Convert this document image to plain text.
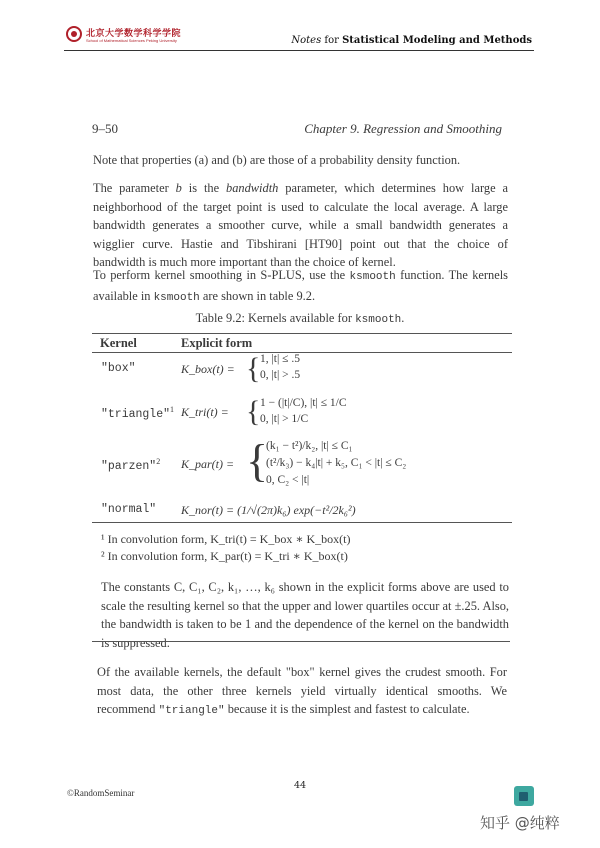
北京大学数学科学学院
School of Mathematical Sciences Peking University	Notes for Statistical Modeling and Methods
9–50	Chapter 9. Regression and Smoothing
Note that properties (a) and (b) are those of a probability density function.
The parameter b is the bandwidth parameter, which determines how large a neighborhood of the target point is used to calculate the local average. A large bandwidth generates a smoother curve, while a small bandwidth generates a wigglier curve. Hastie and Tibshirani [HT90] point out that the choice of bandwidth is much more important than the choice of kernel.
To perform kernel smoothing in S-PLUS, use the ksmooth function. The kernels available in ksmooth are shown in table 9.2.
Table 9.2: Kernels available for ksmooth.
Kernel	Explicit form
"box"	K_box(t) = { 1, |t| ≤ .5
0, |t| > .5
"triangle"$^1$ K_tri(t) = { 1 − (|t|/C), |t| ≤ 1/C
0, |t| > 1/C
"parzen"$^2$ K_par(t) = {
(k₁ − t²)/k₂, |t| ≤ C₁
(t²/k₃) − k₄|t| + k₅, C₁ < |t| ≤ C₂
0, C₂ < |t|
"normal" K_nor(t) = (1/√(2π)k₆) exp(−t²/2k₆²)
¹ In convolution form, K_tri(t) = K_box ∗ K_box(t)
² In convolution form, K_par(t) = K_tri ∗ K_box(t)
The constants C, C₁, C₂, k₁, …, k₆ shown in the explicit forms above are used to scale the resulting kernel so that the upper and lower quartiles occur at ±.25. Also, the bandwidth is taken to be 1 and the dependence of the kernel on the bandwidth is suppressed.
Of the available kernels, the default "box" kernel gives the crudest smooth. For most data, the other three kernels yield virtually identical smooths. We recommend "triangle" because it is the simplest and fastest to calculate.
©RandomSeminar
44
知乎 @纯粹
